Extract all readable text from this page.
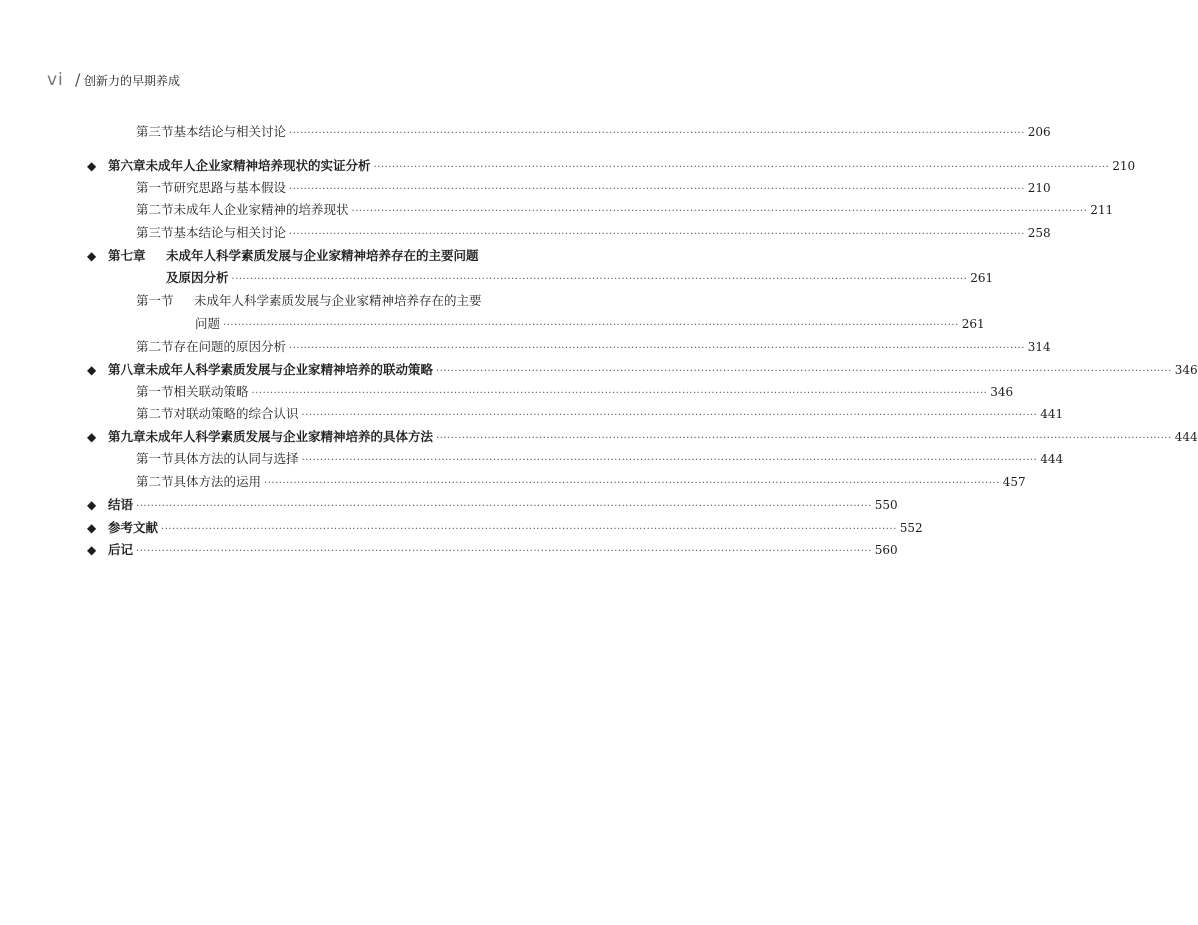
vi / 创新力的早期养成
第三节 基本结论与相关讨论 ········································································································································································································ 206
◆ 第六章 未成年人企业家精神培养现状的实证分析 ········································································································································································································ 210
第一节 研究思路与基本假设 ········································································································································································································ 210
第二节 未成年人企业家精神的培养现状 ········································································································································································································ 211
第三节 基本结论与相关讨论 ········································································································································································································ 258
◆ 第七章	未成年人科学素质发展与企业家精神培养存在的主要问题
及原因分析 ········································································································································································································ 261
第一节	未成年人科学素质发展与企业家精神培养存在的主要
问题 ········································································································································································································ 261
第二节 存在问题的原因分析 ········································································································································································································ 314
◆ 第八章 未成年人科学素质发展与企业家精神培养的联动策略 ········································································································································································································ 346
第一节 相关联动策略 ········································································································································································································ 346
第二节 对联动策略的综合认识 ········································································································································································································ 441
◆ 第九章 未成年人科学素质发展与企业家精神培养的具体方法 ········································································································································································································ 444
第一节 具体方法的认同与选择 ········································································································································································································ 444
第二节 具体方法的运用 ········································································································································································································ 457
◆ 结语 ········································································································································································································ 550
◆ 参考文献 ········································································································································································································ 552
◆ 后记 ········································································································································································································ 560
